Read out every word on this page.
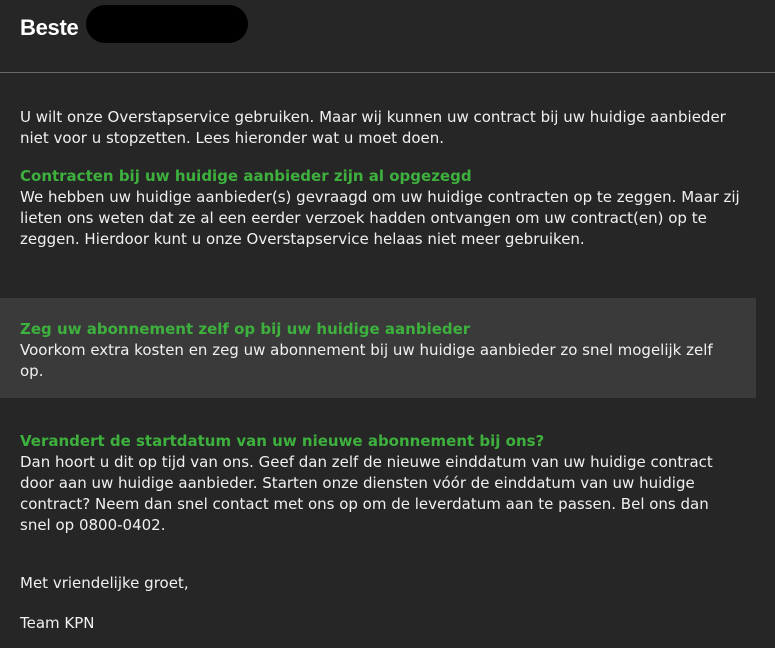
Beste

U wilt onze Overstapservice gebruiken. Maar wij kunnen uw contract bij uw huidige aanbieder niet voor u stopzetten. Lees hieronder wat u moet doen.

Contracten bij uw huidige aanbieder zijn al opgezegd

We hebben uw huidige aanbieder(s) gevraagd om uw huidige contracten op te zeggen. Maar zij lieten ons weten dat ze al een eerder verzoek hadden ontvangen om uw contract(en) op te zeggen. Hierdoor kunt u onze Overstapservice helaas niet meer gebruiken.

Zeg uw abonnement zelf op bij uw huidige aanbieder

Voorkom extra kosten en zeg uw abonnement bij uw huidige aanbieder zo snel mogelijk zelf op.

Verandert de startdatum van uw nieuwe abonnement bij ons?

Dan hoort u dit op tijd van ons. Geef dan zelf de nieuwe einddatum van uw huidige contract door aan uw huidige aanbieder. Starten onze diensten vóór de einddatum van uw huidige contract? Neem dan snel contact met ons op om de leverdatum aan te passen. Bel ons dan snel op 0800-0402.

Met vriendelijke groet,

Team KPN
